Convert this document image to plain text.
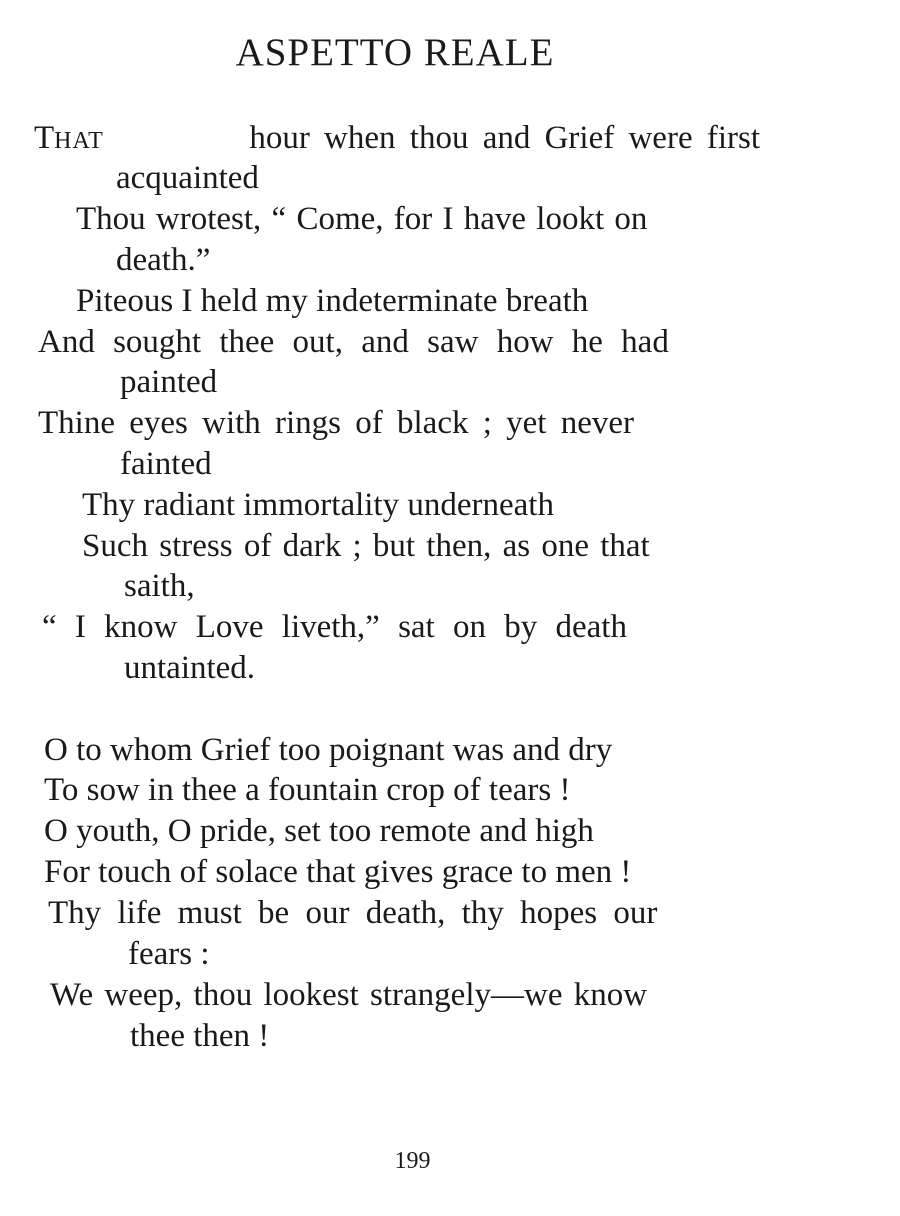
ASPETTO REALE
THAT	hour when thou and Grief were first
acquainted
Thou wrotest, “ Come, for I have lookt on
death.”
Piteous I held my indeterminate breath
And sought thee out, and saw how he had
painted
Thine eyes with rings of black ; yet never
fainted
Thy radiant immortality underneath
Such stress of dark ; but then, as one that
saith,
“ I know Love liveth,” sat on by death
untainted.
O to whom Grief too poignant was and dry
To sow in thee a fountain crop of tears !
O youth, O pride, set too remote and high
For touch of solace that gives grace to men !
Thy life must be our death, thy hopes our
fears :
We weep, thou lookest strangely—we know
thee then !
199
